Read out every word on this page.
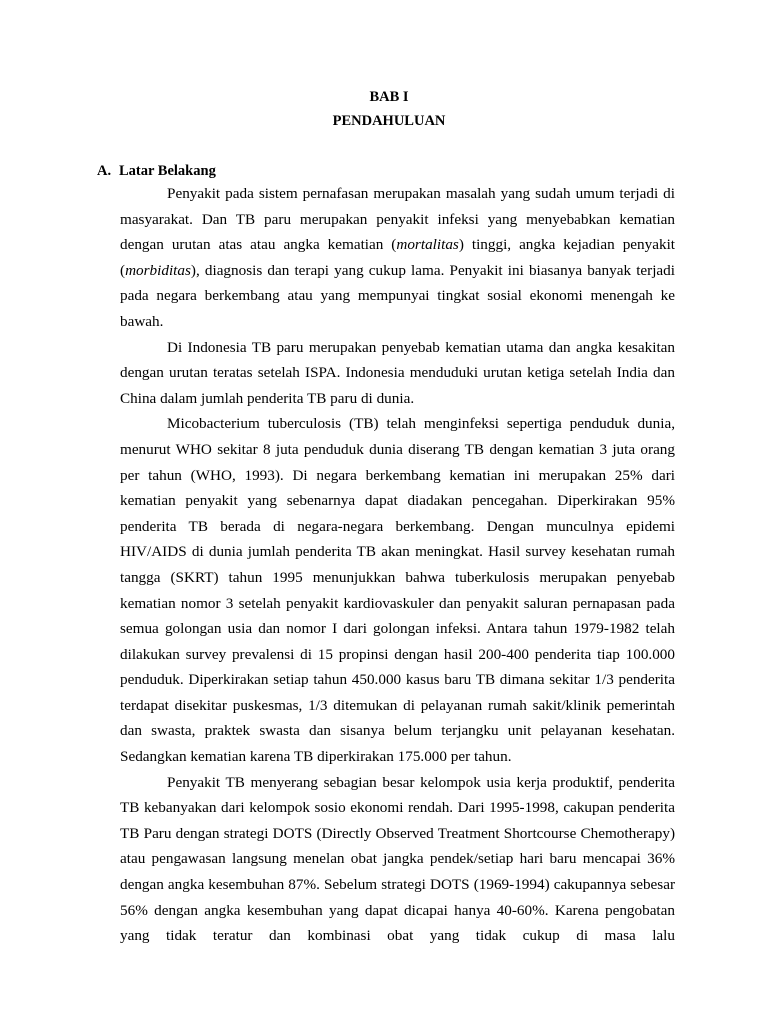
BAB I
PENDAHULUAN
A. Latar Belakang

Penyakit pada sistem pernafasan merupakan masalah yang sudah umum terjadi di masyarakat. Dan TB paru merupakan penyakit infeksi yang menyebabkan kematian dengan urutan atas atau angka kematian (mortalitas) tinggi, angka kejadian penyakit (morbiditas), diagnosis dan terapi yang cukup lama. Penyakit ini biasanya banyak terjadi pada negara berkembang atau yang mempunyai tingkat sosial ekonomi menengah ke bawah.

Di Indonesia TB paru merupakan penyebab kematian utama dan angka kesakitan dengan urutan teratas setelah ISPA. Indonesia menduduki urutan ketiga setelah India dan China dalam jumlah penderita TB paru di dunia.

Micobacterium tuberculosis (TB) telah menginfeksi sepertiga penduduk dunia, menurut WHO sekitar 8 juta penduduk dunia diserang TB dengan kematian 3 juta orang per tahun (WHO, 1993). Di negara berkembang kematian ini merupakan 25% dari kematian penyakit yang sebenarnya dapat diadakan pencegahan. Diperkirakan 95% penderita TB berada di negara-negara berkembang. Dengan munculnya epidemi HIV/AIDS di dunia jumlah penderita TB akan meningkat. Hasil survey kesehatan rumah tangga (SKRT) tahun 1995 menunjukkan bahwa tuberkulosis merupakan penyebab kematian nomor 3 setelah penyakit kardiovaskuler dan penyakit saluran pernapasan pada semua golongan usia dan nomor I dari golongan infeksi. Antara tahun 1979-1982 telah dilakukan survey prevalensi di 15 propinsi dengan hasil 200-400 penderita tiap 100.000 penduduk. Diperkirakan setiap tahun 450.000 kasus baru TB dimana sekitar 1/3 penderita terdapat disekitar puskesmas, 1/3 ditemukan di pelayanan rumah sakit/klinik pemerintah dan swasta, praktek swasta dan sisanya belum terjangku unit pelayanan kesehatan. Sedangkan kematian karena TB diperkirakan 175.000 per tahun.

Penyakit TB menyerang sebagian besar kelompok usia kerja produktif, penderita TB kebanyakan dari kelompok sosio ekonomi rendah. Dari 1995-1998, cakupan penderita TB Paru dengan strategi DOTS (Directly Observed Treatment Shortcourse Chemotherapy) atau pengawasan langsung menelan obat jangka pendek/setiap hari baru mencapai 36% dengan angka kesembuhan 87%. Sebelum strategi DOTS (1969-1994) cakupannya sebesar 56% dengan angka kesembuhan yang dapat dicapai hanya 40-60%. Karena pengobatan yang tidak teratur dan kombinasi obat yang tidak cukup di masa lalu
